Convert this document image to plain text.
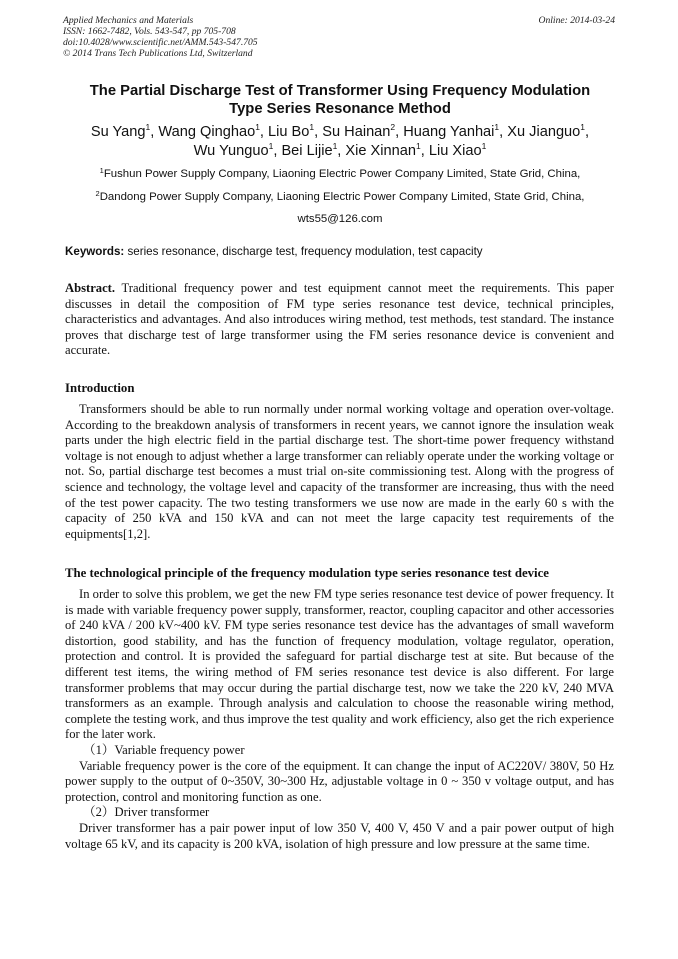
Applied Mechanics and Materials	Online: 2014-03-24
ISSN: 1662-7482, Vols. 543-547, pp 705-708
doi:10.4028/www.scientific.net/AMM.543-547.705
© 2014 Trans Tech Publications Ltd, Switzerland
The Partial Discharge Test of Transformer Using Frequency Modulation
Type Series Resonance Method
Su Yang$^1$, Wang Qinghao$^1$, Liu Bo$^1$, Su Hainan$^2$, Huang Yanhai$^1$, Xu Jianguo$^1$,
Wu Yunguo$^1$, Bei Lijie$^1$, Xie Xinnan$^1$, Liu Xiao$^1$
$^1$Fushun Power Supply Company, Liaoning Electric Power Company Limited, State Grid, China,
$^2$Dandong Power Supply Company, Liaoning Electric Power Company Limited, State Grid, China,
wts55@126.com
Keywords: series resonance, discharge test, frequency modulation, test capacity

Abstract. Traditional frequency power and test equipment cannot meet the requirements. This paper discusses in detail the composition of FM type series resonance test device, technical principles, characteristics and advantages. And also introduces wiring method, test methods, test standard. The instance proves that discharge test of large transformer using the FM series resonance device is convenient and accurate.

Introduction

Transformers should be able to run normally under normal working voltage and operation over-voltage. According to the breakdown analysis of transformers in recent years, we cannot ignore the insulation weak parts under the high electric field in the partial discharge test. The short-time power frequency withstand voltage is not enough to adjust whether a large transformer can reliably operate under the working voltage or not. So, partial discharge test becomes a must trial on-site commissioning test. Along with the progress of science and technology, the voltage level and capacity of the transformer are increasing, thus with the need of the test power capacity. The two testing transformers we use now are made in the early 60 s with the capacity of 250 kVA and 150 kVA and can not meet the large capacity test requirements of the equipments[1,2].

The technological principle of the frequency modulation type series resonance test device

In order to solve this problem, we get the new FM type series resonance test device of power frequency. It is made with variable frequency power supply, transformer, reactor, coupling capacitor and other accessories of 240 kVA / 200 kV~400 kV. FM type series resonance test device has the advantages of small waveform distortion, good stability, and has the function of frequency modulation, voltage regulator, operation, protection and control. It is provided the safeguard for partial discharge test at site. But because of the different test items, the wiring method of FM series resonance test device is also different. For large transformer problems that may occur during the partial discharge test, now we take the 220 kV, 240 MVA transformers as an example. Through analysis and calculation to choose the reasonable wiring method, complete the testing work, and thus improve the test quality and work efficiency, also get the rich experience for the later work.

（1）Variable frequency power

Variable frequency power is the core of the equipment. It can change the input of AC220V/ 380V, 50 Hz power supply to the output of 0~350V, 30~300 Hz, adjustable voltage in 0 ~ 350 v voltage output, and has protection, control and monitoring function as one.

（2）Driver transformer

Driver transformer has a pair power input of low 350 V, 400 V, 450 V and a pair power output of high voltage 65 kV, and its capacity is 200 kVA, isolation of high pressure and low pressure at the same time.
